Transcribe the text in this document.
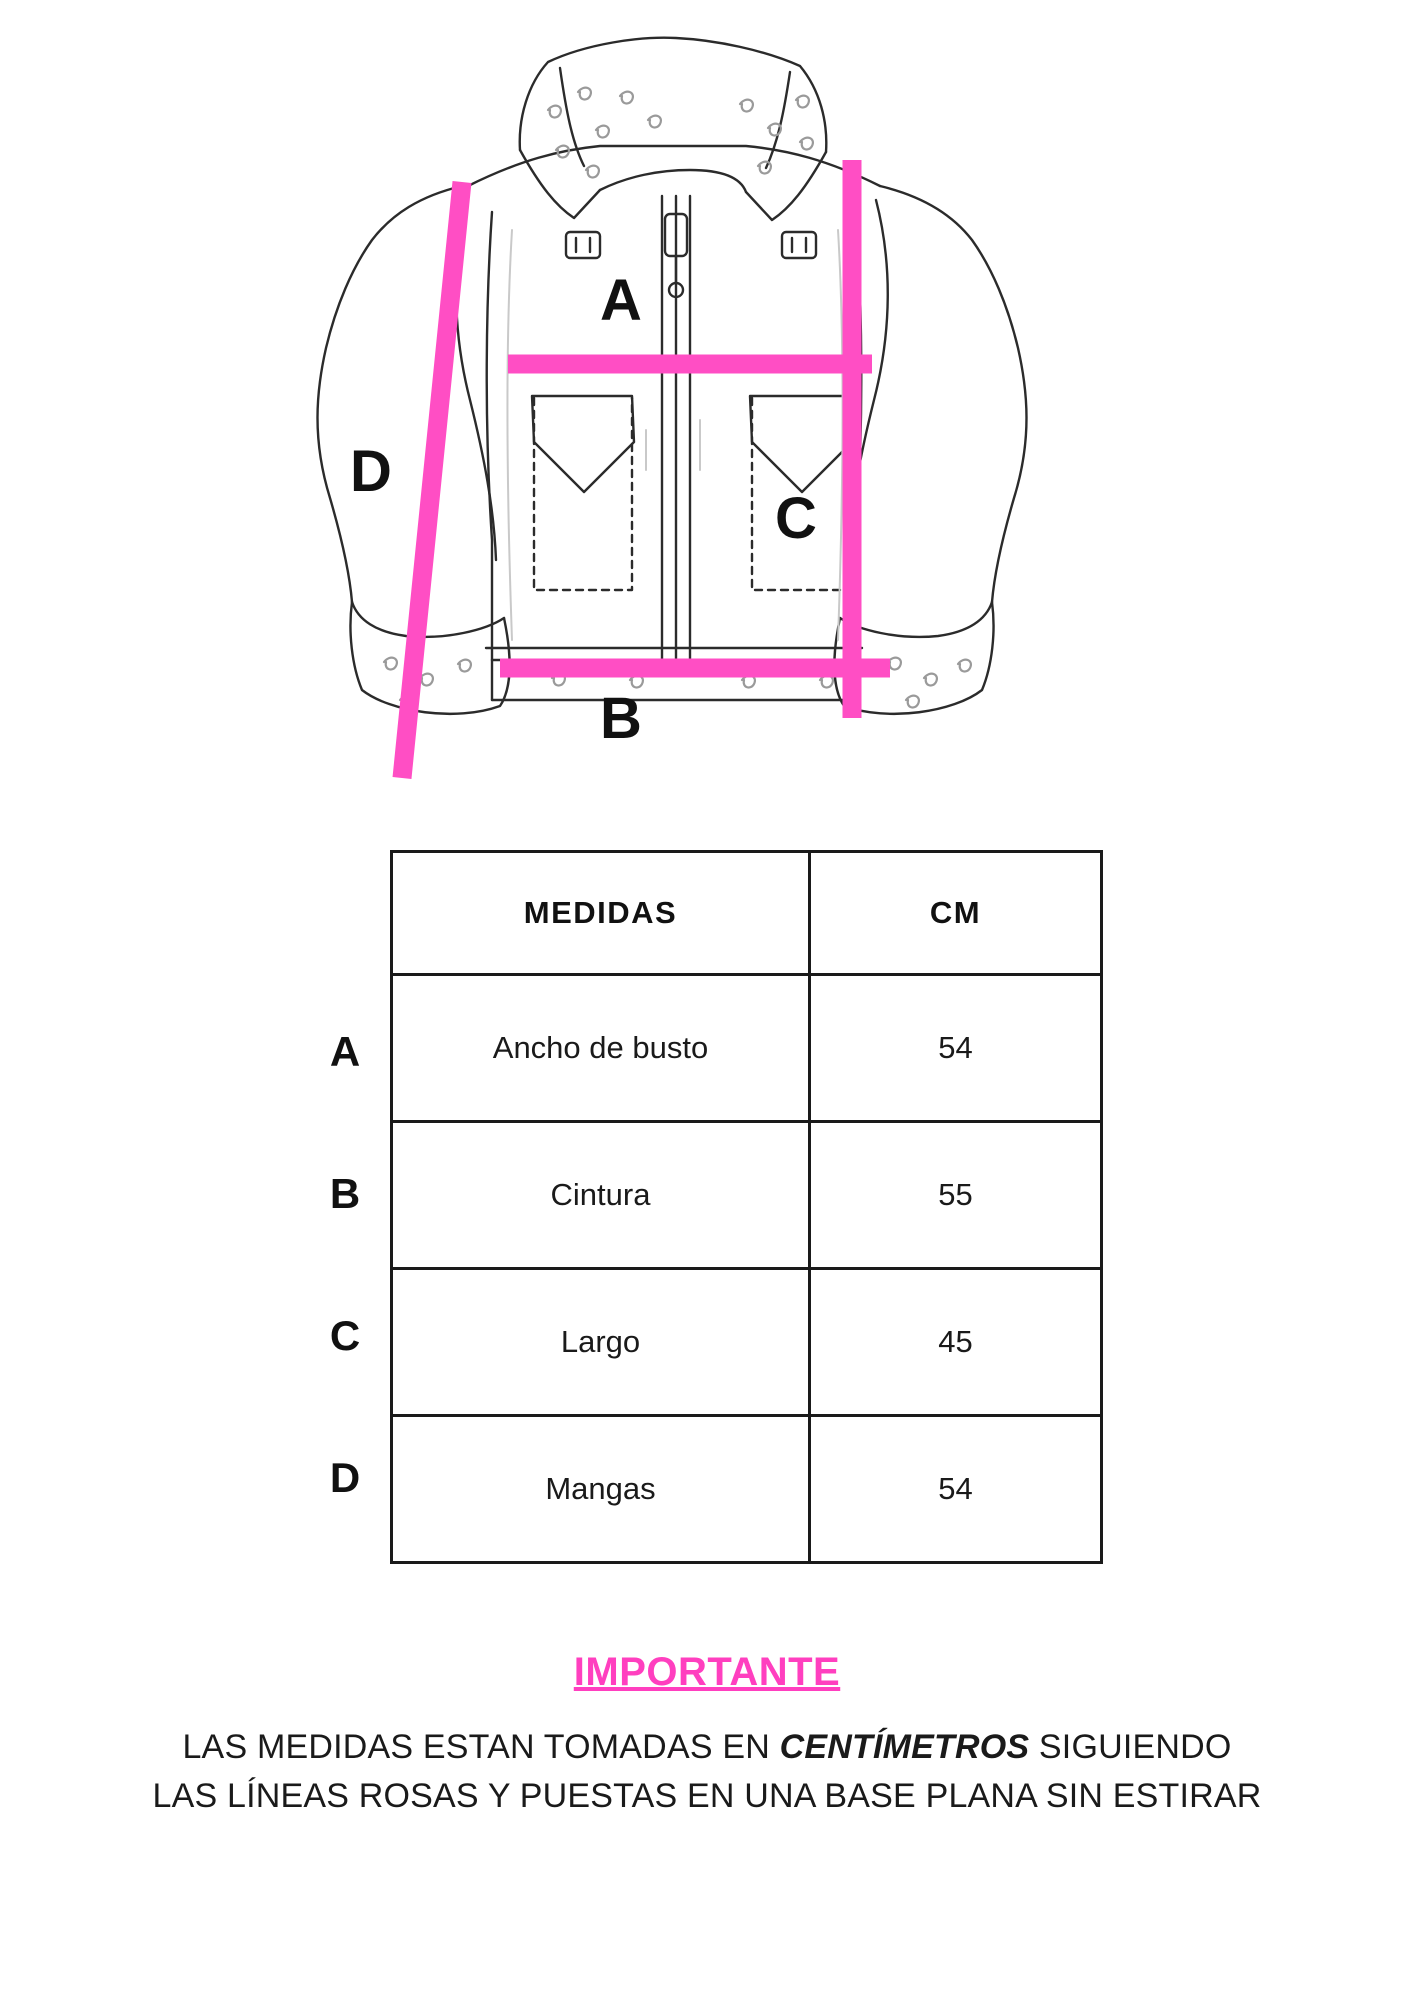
A
B
C
D
A
B
C
D
MEDIDAS	CM
Ancho de busto	54
Cintura	55
Largo	45
Mangas	54
IMPORTANTE
LAS MEDIDAS ESTAN TOMADAS EN CENTÍMETROS SIGUIENDO
LAS LÍNEAS ROSAS Y PUESTAS EN UNA BASE PLANA SIN ESTIRAR
